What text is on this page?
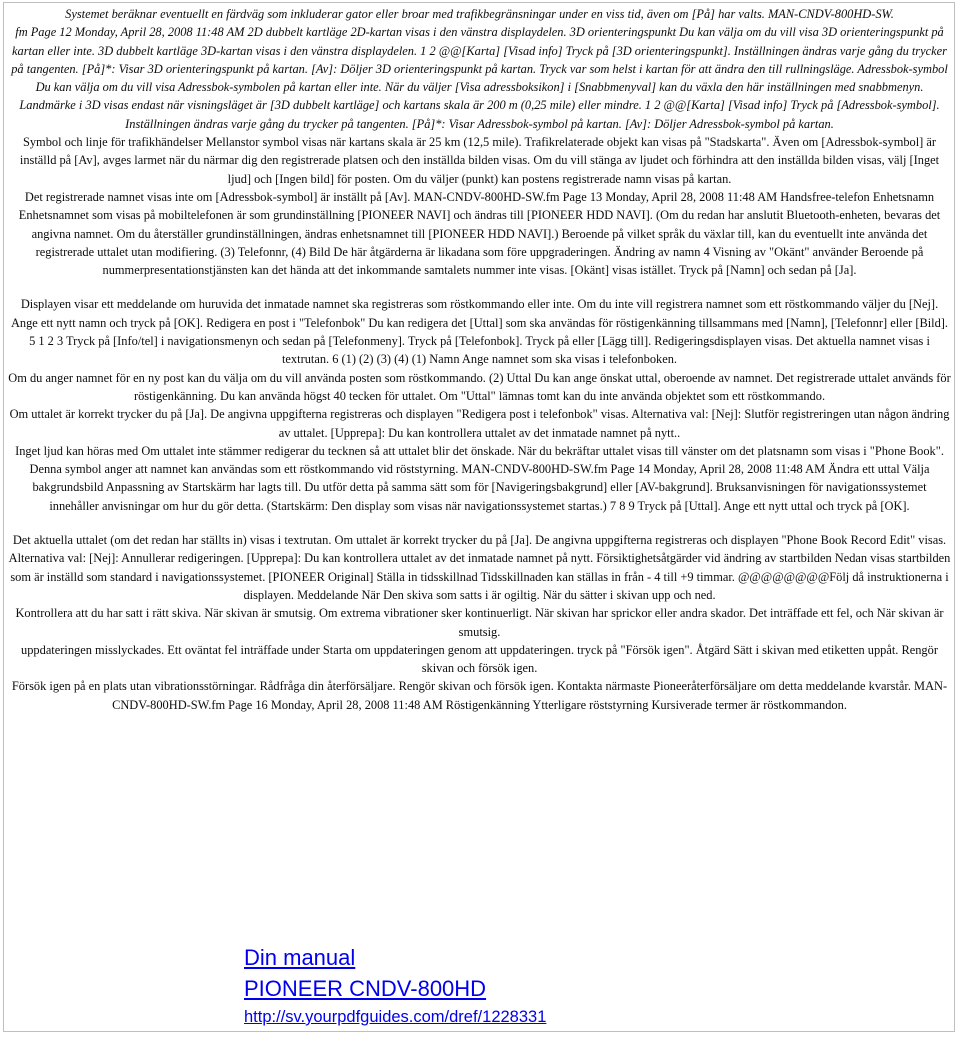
Systemet beräknar eventuellt en färdväg som inkluderar gator eller broar med trafikbegränsningar under en viss tid, även om [På] har valts. MAN-CNDV-800HD-SW.

fm Page 12 Monday, April 28, 2008 11:48 AM 2D dubbelt kartläge 2D-kartan visas i den vänstra displaydelen. 3D orienteringspunkt Du kan välja om du vill visa 3D orienteringspunkt på kartan eller inte. 3D dubbelt kartläge 3D-kartan visas i den vänstra displaydelen. 1 2 @@[Karta] [Visad info] Tryck på [3D orienteringspunkt]. Inställningen ändras varje gång du trycker på tangenten. [På]*: Visar 3D orienteringspunkt på kartan. [Av]: Döljer 3D orienteringspunkt på kartan. Tryck var som helst i kartan för att ändra den till rullningsläge. Adressbok-symbol Du kan välja om du vill visa Adressbok-symbolen på kartan eller inte. När du väljer [Visa adressboksikon] i [Snabbmenyval] kan du växla den här inställningen med snabbmenyn.

Landmärke i 3D visas endast när visningsläget är [3D dubbelt kartläge] och kartans skala är 200 m (0,25 mile) eller mindre. 1 2 @@[Karta] [Visad info] Tryck på [Adressbok-symbol]. Inställningen ändras varje gång du trycker på tangenten. [På]*: Visar Adressbok-symbol på kartan. [Av]: Döljer Adressbok-symbol på kartan.

Symbol och linje för trafikhändelser Mellanstor symbol visas när kartans skala är 25 km (12,5 mile). Trafikrelaterade objekt kan visas på "Stadskarta". Även om [Adressbok-symbol] är inställd på [Av], avges larmet när du närmar dig den registrerade platsen och den inställda bilden visas. Om du vill stänga av ljudet och förhindra att den inställda bilden visas, välj [Inget ljud] och [Ingen bild] för posten. Om du väljer (punkt) kan postens registrerade namn visas på kartan.

Det registrerade namnet visas inte om [Adressbok-symbol] är inställt på [Av]. MAN-CNDV-800HD-SW.fm Page 13 Monday, April 28, 2008 11:48 AM Handsfree-telefon Enhetsnamn Enhetsnamnet som visas på mobiltelefonen är som grundinställning [PIONEER NAVI] och ändras till [PIONEER HDD NAVI]. (Om du redan har anslutit Bluetooth-enheten, bevaras det angivna namnet. Om du återställer grundinställningen, ändras enhetsnamnet till [PIONEER HDD NAVI].) Beroende på vilket språk du växlar till, kan du eventuellt inte använda det registrerade uttalet utan modifiering. (3) Telefonnr, (4) Bild De här åtgärderna är likadana som före uppgraderingen. Ändring av namn 4 Visning av "Okänt" använder Beroende på nummerpresentationstjänsten kan det hända att det inkommande samtalets nummer inte visas. [Okänt] visas istället. Tryck på [Namn] och sedan på [Ja].

Displayen visar ett meddelande om huruvida det inmatade namnet ska registreras som röstkommando eller inte. Om du inte vill registrera namnet som ett röstkommando väljer du [Nej]. Ange ett nytt namn och tryck på [OK]. Redigera en post i "Telefonbok" Du kan redigera det [Uttal] som ska användas för röstigenkänning tillsammans med [Namn], [Telefonnr] eller [Bild]. 5 1 2 3 Tryck på [Info/tel] i navigationsmenyn och sedan på [Telefonmeny]. Tryck på [Telefonbok]. Tryck på eller [Lägg till]. Redigeringsdisplayen visas. Det aktuella namnet visas i textrutan. 6 (1) (2) (3) (4) (1) Namn Ange namnet som ska visas i telefonboken.

Om du anger namnet för en ny post kan du välja om du vill använda posten som röstkommando. (2) Uttal Du kan ange önskat uttal, oberoende av namnet. Det registrerade uttalet används för röstigenkänning. Du kan använda högst 40 tecken för uttalet. Om "Uttal" lämnas tomt kan du inte använda objektet som ett röstkommando.

Om uttalet är korrekt trycker du på [Ja]. De angivna uppgifterna registreras och displayen "Redigera post i telefonbok" visas. Alternativa val: [Nej]: Slutför registreringen utan någon ändring av uttalet. [Upprepa]: Du kan kontrollera uttalet av det inmatade namnet på nytt..

Inget ljud kan höras med Om uttalet inte stämmer redigerar du tecknen så att uttalet blir det önskade. När du bekräftar uttalet visas till vänster om det platsnamn som visas i "Phone Book". Denna symbol anger att namnet kan användas som ett röstkommando vid röststyrning. MAN-CNDV-800HD-SW.fm Page 14 Monday, April 28, 2008 11:48 AM Ändra ett uttal Välja bakgrundsbild Anpassning av Startskärm har lagts till. Du utför detta på samma sätt som för [Navigeringsbakgrund] eller [AV-bakgrund]. Bruksanvisningen för navigationssystemet innehåller anvisningar om hur du gör detta. (Startskärm: Den display som visas när navigationssystemet startas.) 7 8 9 Tryck på [Uttal]. Ange ett nytt uttal och tryck på [OK].

Det aktuella uttalet (om det redan har ställts in) visas i textrutan. Om uttalet är korrekt trycker du på [Ja]. De angivna uppgifterna registreras och displayen "Phone Book Record Edit" visas. Alternativa val: [Nej]: Annullerar redigeringen. [Upprepa]: Du kan kontrollera uttalet av det inmatade namnet på nytt. Försiktighetsåtgärder vid ändring av startbilden Nedan visas startbilden som är inställd som standard i navigationssystemet. [PIONEER Original] Ställa in tidsskillnad Tidsskillnaden kan ställas in från - 4 till +9 timmar. @@@@@@@@Följ då instruktionerna i displayen. Meddelande När Den skiva som satts i är ogiltig. När du sätter i skivan upp och ned.

Kontrollera att du har satt i rätt skiva. När skivan är smutsig. Om extrema vibrationer sker kontinuerligt. När skivan har sprickor eller andra skador. Det inträffade ett fel, och När skivan är smutsig.

uppdateringen misslyckades. Ett oväntat fel inträffade under Starta om uppdateringen genom att uppdateringen. tryck på "Försök igen". Åtgärd Sätt i skivan med etiketten uppåt. Rengör skivan och försök igen.

Försök igen på en plats utan vibrationsstörningar. Rådfråga din återförsäljare. Rengör skivan och försök igen. Kontakta närmaste Pioneeråterförsäljare om detta meddelande kvarstår. MAN-CNDV-800HD-SW.fm Page 16 Monday, April 28, 2008 11:48 AM Röstigenkänning Ytterligare röststyrning Kursiverade termer är röstkommandon.

Din manual
PIONEER CNDV-800HD
http://sv.yourpdfguides.com/dref/1228331
